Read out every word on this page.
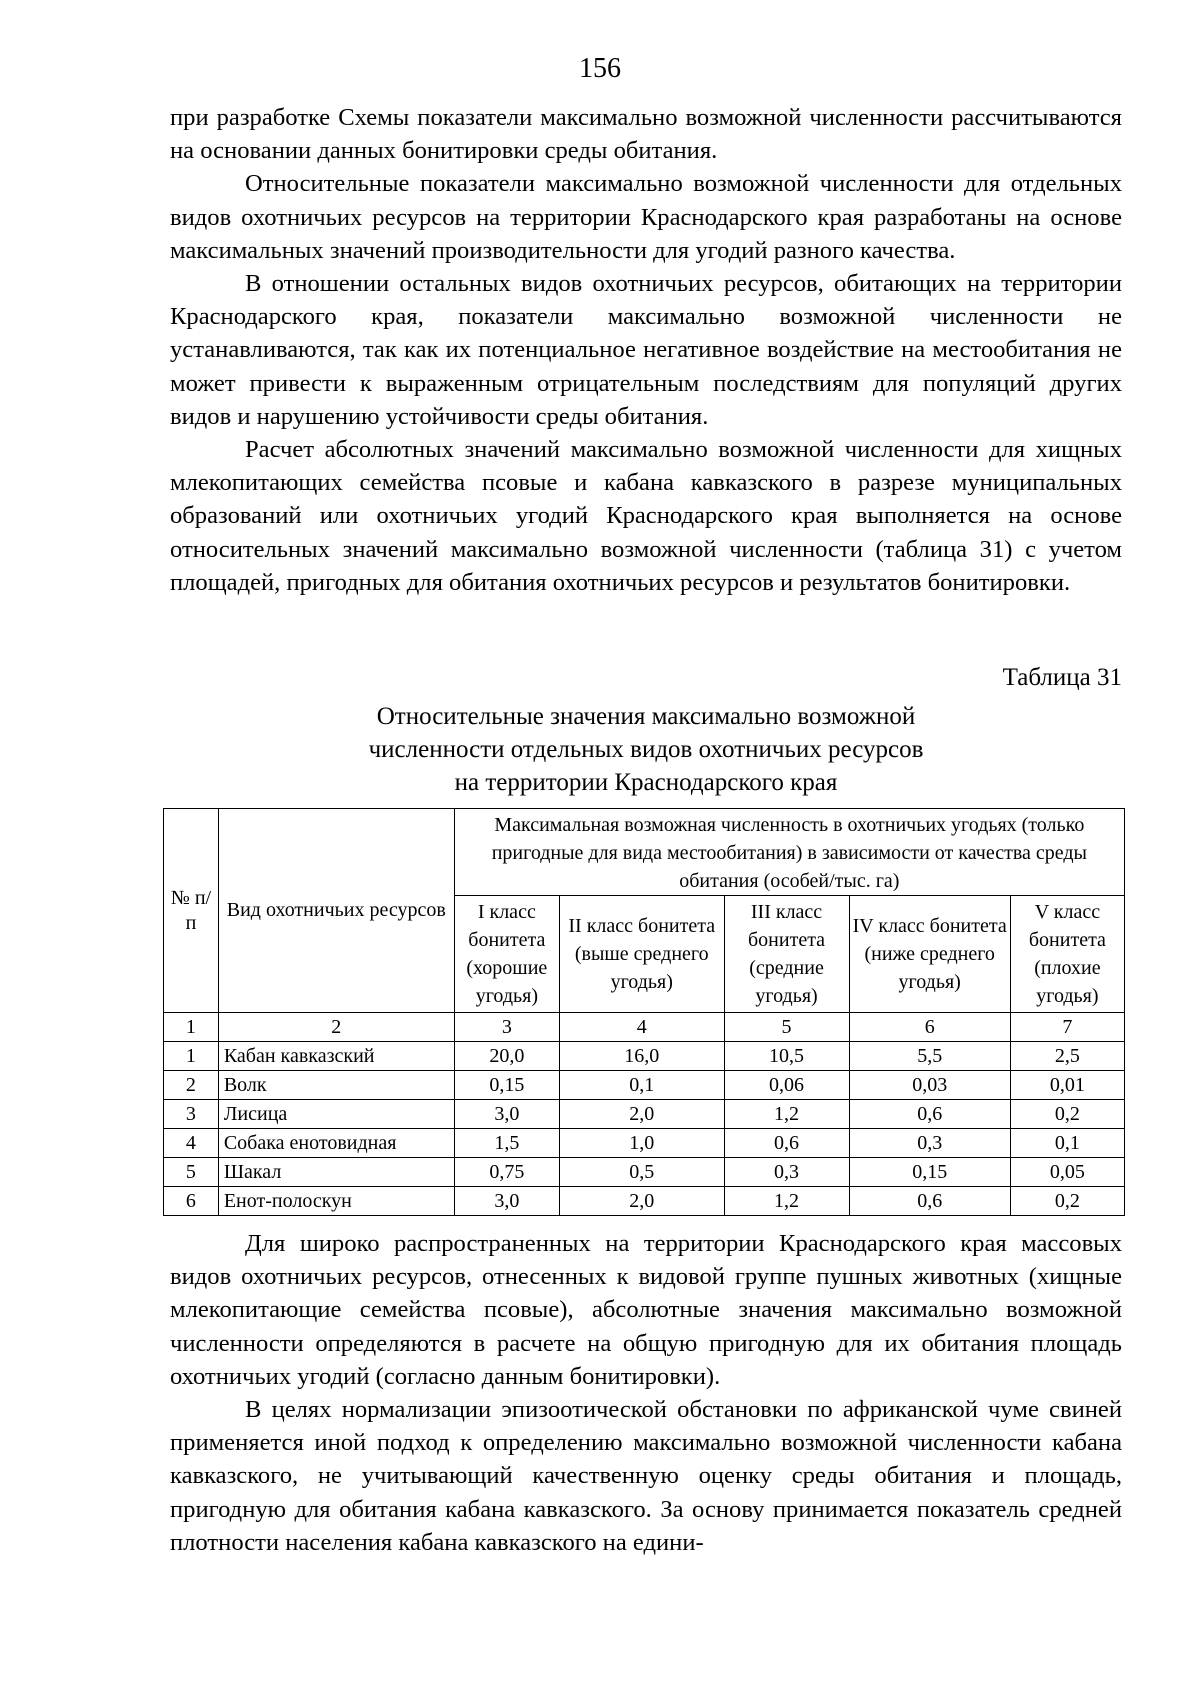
156

при разработке Схемы показатели максимально возможной численности рассчитываются на основании данных бонитировки среды обитания.

Относительные показатели максимально возможной численности для отдельных видов охотничьих ресурсов на территории Краснодарского края разработаны на основе максимальных значений производительности для угодий разного качества.

В отношении остальных видов охотничьих ресурсов, обитающих на территории Краснодарского края, показатели максимально возможной численности не устанавливаются, так как их потенциальное негативное воздействие на местообитания не может привести к выраженным отрицательным последствиям для популяций других видов и нарушению устойчивости среды обитания.

Расчет абсолютных значений максимально возможной численности для хищных млекопитающих семейства псовые и кабана кавказского в разрезе муниципальных образований или охотничьих угодий Краснодарского края выполняется на основе относительных значений максимально возможной численности (таблица 31) с учетом площадей, пригодных для обитания охотничьих ресурсов и результатов бонитировки.

Таблица 31
Относительные значения максимально возможной
численности отдельных видов охотничьих ресурсов
на территории Краснодарского края
№ п/п	Вид охотничьих ресурсов	Максимальная возможная численность в охотничьих угодьях (только пригодные для вида местообитания) в зависимости от качества среды обитания (особей/тыс. га)				
		I класс бонитета (хорошие угодья)	II класс бонитета (выше среднего угодья)	III класс бонитета (средние угодья)	IV класс бонитета (ниже среднего угодья)	V класс бонитета (плохие угодья)
1	2	3	4	5	6	7
1	Кабан кавказский	20,0	16,0	10,5	5,5	2,5
2	Волк	0,15	0,1	0,06	0,03	0,01
3	Лисица	3,0	2,0	1,2	0,6	0,2
4	Собака енотовидная	1,5	1,0	0,6	0,3	0,1
5	Шакал	0,75	0,5	0,3	0,15	0,05
6	Енот-полоскун	3,0	2,0	1,2	0,6	0,2

Для широко распространенных на территории Краснодарского края массовых видов охотничьих ресурсов, отнесенных к видовой группе пушных животных (хищные млекопитающие семейства псовые), абсолютные значения максимально возможной численности определяются в расчете на общую пригодную для их обитания площадь охотничьих угодий (согласно данным бонитировки).

В целях нормализации эпизоотической обстановки по африканской чуме свиней применяется иной подход к определению максимально возможной численности кабана кавказского, не учитывающий качественную оценку среды обитания и площадь, пригодную для обитания кабана кавказского. За основу принимается показатель средней плотности населения кабана кавказского на едини-
